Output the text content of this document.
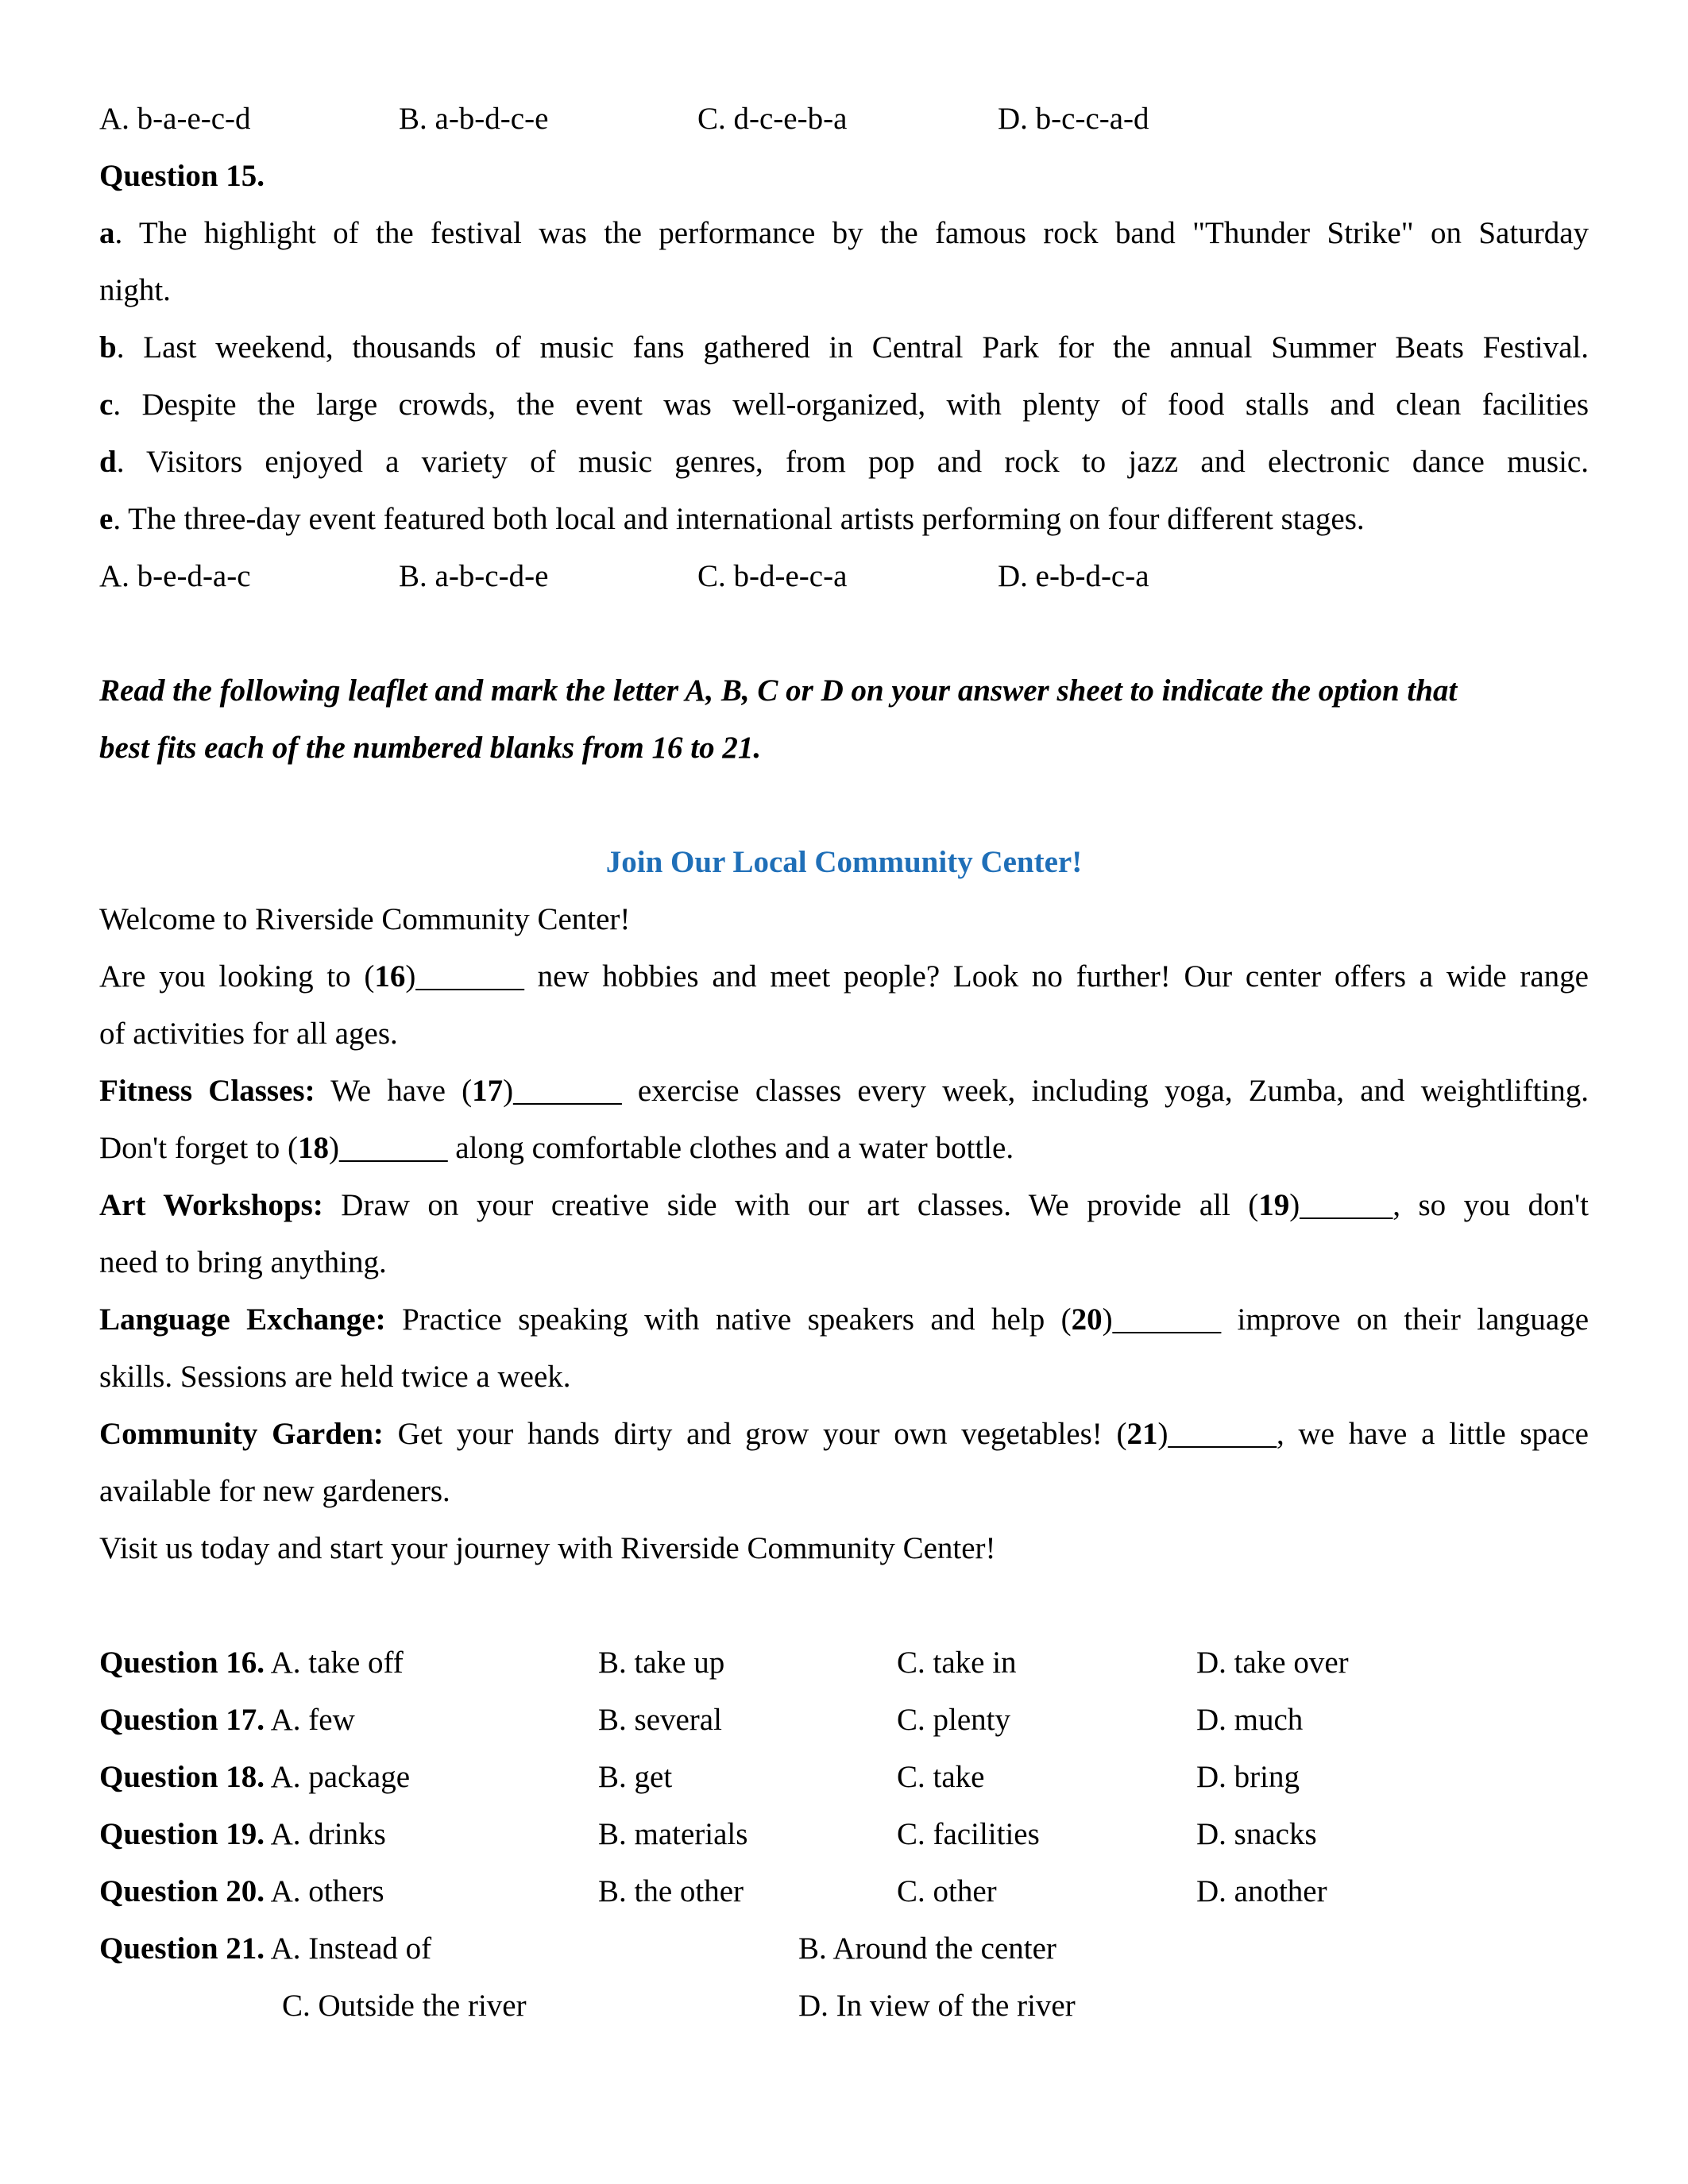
A. b-a-e-c-d	B. a-b-d-c-e	C. d-c-e-b-a	D. b-c-c-a-d
Question 15.
a. The highlight of the festival was the performance by the famous rock band "Thunder Strike" on Saturday
night.
b. Last weekend, thousands of music fans gathered in Central Park for the annual Summer Beats Festival.
c. Despite the large crowds, the event was well-organized, with plenty of food stalls and clean facilities
d. Visitors enjoyed a variety of music genres, from pop and rock to jazz and electronic dance music.
e. The three-day event featured both local and international artists performing on four different stages.
A. b-e-d-a-c	B. a-b-c-d-e	C. b-d-e-c-a	D. e-b-d-c-a
Read the following leaflet and mark the letter A, B, C or D on your answer sheet to indicate the option that
best fits each of the numbered blanks from 16 to 21.
Join Our Local Community Center!
Welcome to Riverside Community Center!
Are you looking to (16)_______ new hobbies and meet people? Look no further! Our center offers a wide range
of activities for all ages.
Fitness Classes: We have (17)_______ exercise classes every week, including yoga, Zumba, and weightlifting.
Don't forget to (18)_______ along comfortable clothes and a water bottle.
Art Workshops: Draw on your creative side with our art classes. We provide all (19)______, so you don't
need to bring anything.
Language Exchange: Practice speaking with native speakers and help (20)_______ improve on their language
skills. Sessions are held twice a week.
Community Garden: Get your hands dirty and grow your own vegetables! (21)_______, we have a little space
available for new gardeners.
Visit us today and start your journey with Riverside Community Center!
Question 16. A. take off	B. take up	C. take in	D. take over
Question 17. A. few	B. several	C. plenty	D. much
Question 18. A. package	B. get	C. take	D. bring
Question 19. A. drinks	B. materials	C. facilities	D. snacks
Question 20. A. others	B. the other	C. other	D. another
Question 21. A. Instead of	B. Around the center
C. Outside the river	D. In view of the river
